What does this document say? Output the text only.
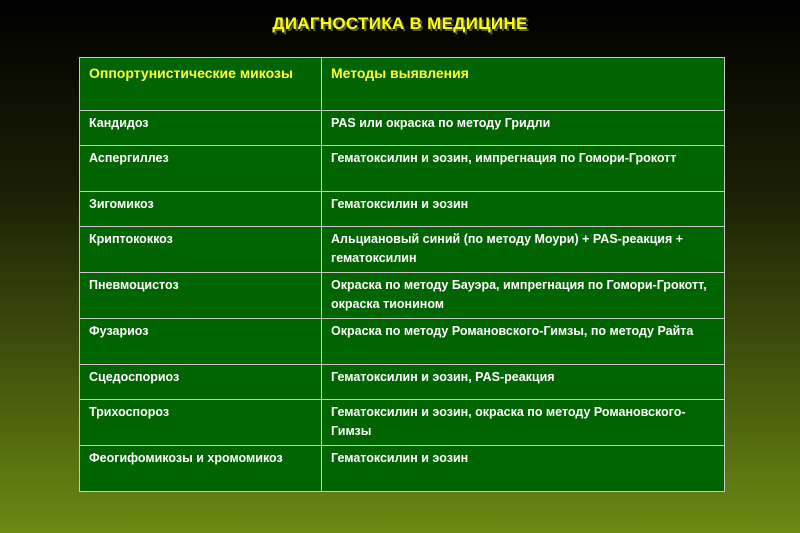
ДИАГНОСТИКА В МЕДИЦИНЕ
Оппортунистические микозы	Методы выявления
Кандидоз	PAS или окраска по методу Гридли
Аспергиллез	Гематоксилин и эозин, импрегнация по Гомори-Грокотт
Зигомикоз	Гематоксилин и эозин
Криптококкоз	Альциановый синий (по методу Моури) + PAS-реакция + гематоксилин
Пневмоцистоз	Окраска по методу Бауэра, импрегнация по Гомори-Грокотт, окраска тионином
Фузариоз	Окраска по методу Романовского-Гимзы, по методу Райта
Сцедоспориоз	Гематоксилин и эозин, PAS-реакция
Трихоспороз	Гематоксилин и эозин, окраска по методу Романовского-Гимзы
Феогифомикозы и хромомикоз	Гематоксилин и эозин
